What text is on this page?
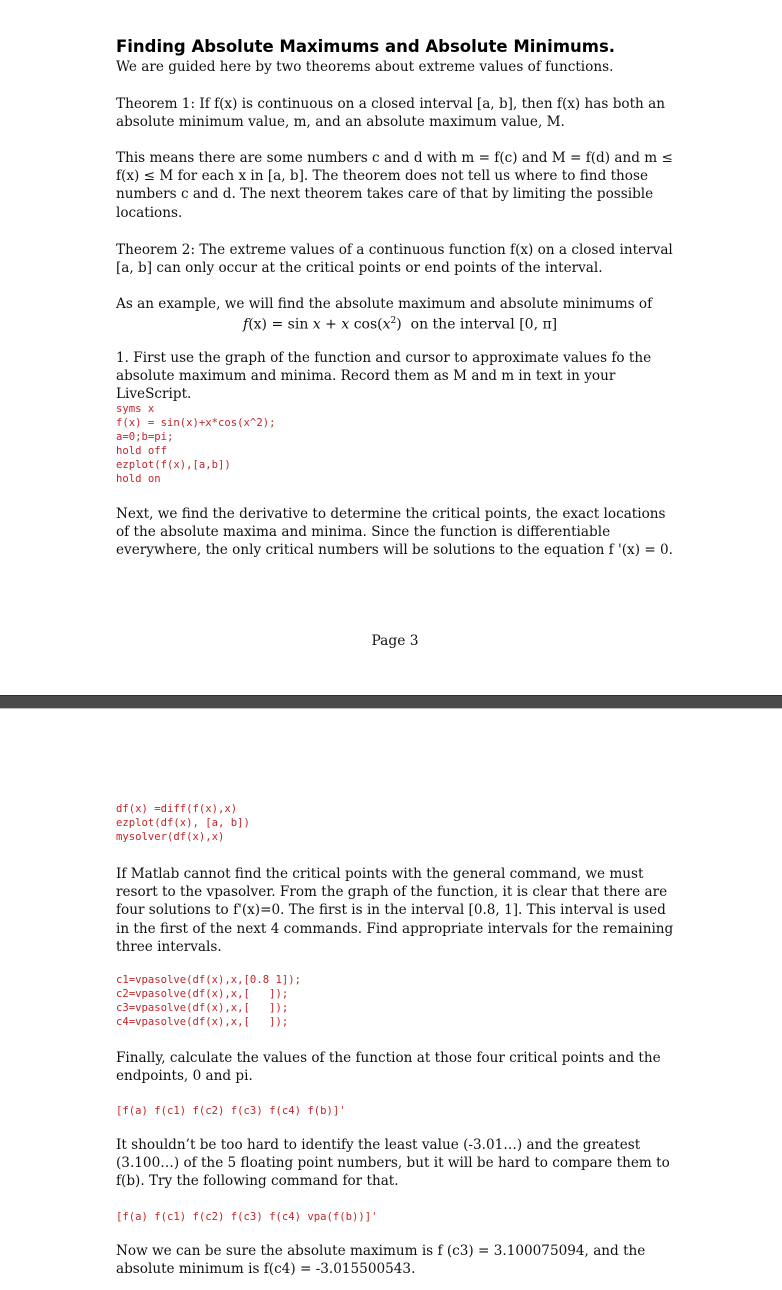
Finding Absolute Maximums and Absolute Minimums.

We are guided here by two theorems about extreme values of functions.

Theorem 1: If f(x) is continuous on a closed interval [a, b], then f(x) has both an absolute minimum value, m, and an absolute maximum value, M.

This means there are some numbers c and d with m = f(c) and M = f(d) and m ≤ f(x) ≤ M for each x in [a, b]. The theorem does not tell us where to find those numbers c and d. The next theorem takes care of that by limiting the possible locations.

Theorem 2: The extreme values of a continuous function f(x) on a closed interval [a, b] can only occur at the critical points or end points of the interval.

As an example, we will find the absolute maximum and absolute minimums of

f(x) = sin x + x $\cos(x^2)$  on the interval [0, π]

1. First use the graph of the function and cursor to approximate values fo the absolute maximum and minima. Record them as M and m in text in your LiveScript.

syms x
f(x) = sin(x)+x*cos(x^2);
a=0;b=pi;
hold off
ezplot(f(x),[a,b])
hold on

Next, we find the derivative to determine the critical points, the exact locations of the absolute maxima and minima. Since the function is differentiable everywhere, the only critical numbers will be solutions to the equation f '(x) = 0.

Page 3

df(x) =diff(f(x),x)
ezplot(df(x), [a, b])
mysolver(df(x),x)

If Matlab cannot find the critical points with the general command, we must resort to the vpasolver. From the graph of the function, it is clear that there are four solutions to f'(x)=0. The first is in the interval [0.8, 1]. This interval is used in the first of the next 4 commands. Find appropriate intervals for the remaining three intervals.

c1=vpasolve(df(x),x,[0.8 1]);
c2=vpasolve(df(x),x,[   ]);
c3=vpasolve(df(x),x,[   ]);
c4=vpasolve(df(x),x,[   ]);

Finally, calculate the values of the function at those four critical points and the endpoints, 0 and pi.

[f(a) f(c1) f(c2) f(c3) f(c4) f(b)]'

It shouldn’t be too hard to identify the least value (-3.01…) and the greatest (3.100…) of the 5 floating point numbers, but it will be hard to compare them to f(b). Try the following command for that.

[f(a) f(c1) f(c2) f(c3) f(c4) vpa(f(b))]'

Now we can be sure the absolute maximum is f (c3) = 3.100075094, and the absolute minimum is f(c4) = -3.015500543.
